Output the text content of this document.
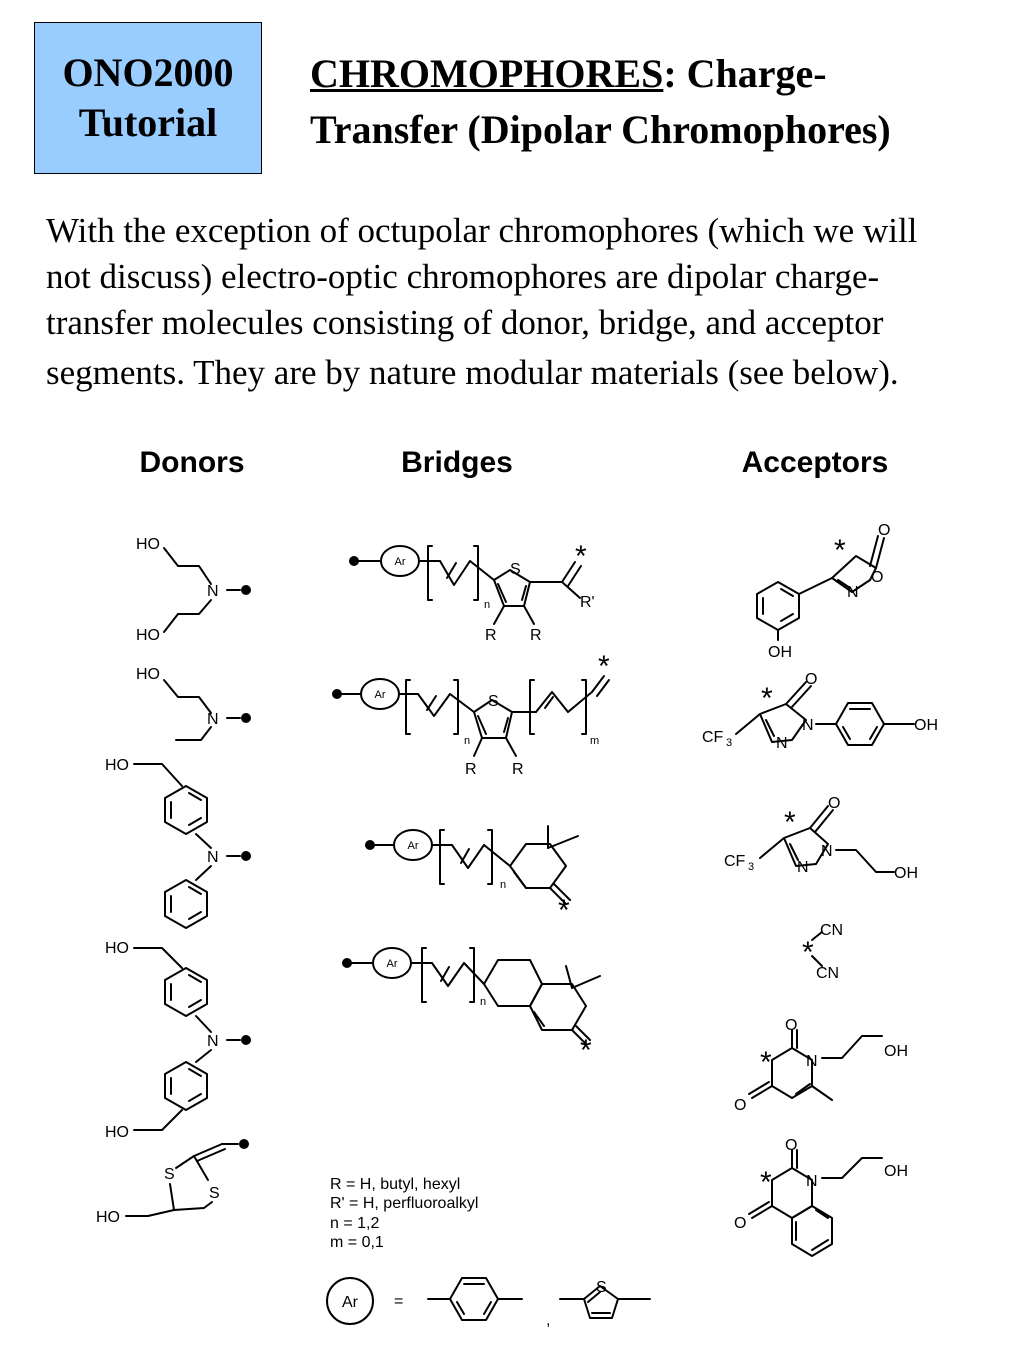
ONO2000
Tutorial
CHROMOPHORES: Charge-
Transfer (Dipolar Chromophores)

With the exception of octupolar chromophores (which we will

not discuss) electro-optic chromophores are dipolar charge-

transfer molecules consisting of donor, bridge, and acceptor

segments. They are by nature modular materials (see below).

Donors	Bridges	Acceptors
HO
N
HO
HO
N
HO
N
HO
N
HO
S
S
HO
Ar	S
n
R R
*
R'
Ar	S
n
R R
*
m
Ar
n
*
Ar
n
*
R = H, butyl, hexyl
R' = H, perfluoroalkyl
n = 1,2
m = 0,1
Ar =
,
S
OH
O
N
O
*
CF 3
O
N
N
*
OH
CF 3
O
N
N
*
OH
*
CN
CN
O
O
N
OH
*
O
O
N
OH
*
